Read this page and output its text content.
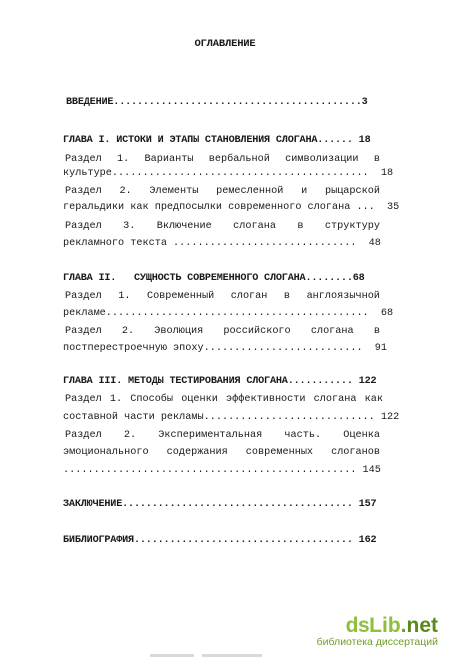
ОГЛАВЛЕНИЕ
ВВЕДЕНИЕ..........................................3
ГЛАВА I. ИСТОКИ И ЭТАПЫ СТАНОВЛЕНИЯ СЛОГАНА...... 18
Раздел 1. Варианты вербальной символизации в
культуре..........................................  18
Раздел 2. Элементы ремесленной и рыцарской
геральдики как предпосылки современного слогана ...  35
Раздел 3. Включение слогана в структуру
рекламного текста ..............................  48
ГЛАВА II.   СУЩНОСТЬ СОВРЕМЕННОГО СЛОГАНА........68
Раздел 1. Современный слоган в англоязычной
рекламе...........................................  68
Раздел 2. Эволюция российского слогана в
постперестроечную эпоху..........................  91
ГЛАВА III. МЕТОДЫ ТЕСТИРОВАНИЯ СЛОГАНА........... 122
Раздел 1. Способы оценки эффективности слогана как
составной части рекламы............................ 122
Раздел 2. Экспериментальная часть. Оценка
эмоционального содержания современных слоганов
................................................ 145
ЗАКЛЮЧЕНИЕ....................................... 157
БИБЛИОГРАФИЯ..................................... 162
ds Lib . net
библиотека диссертаций
